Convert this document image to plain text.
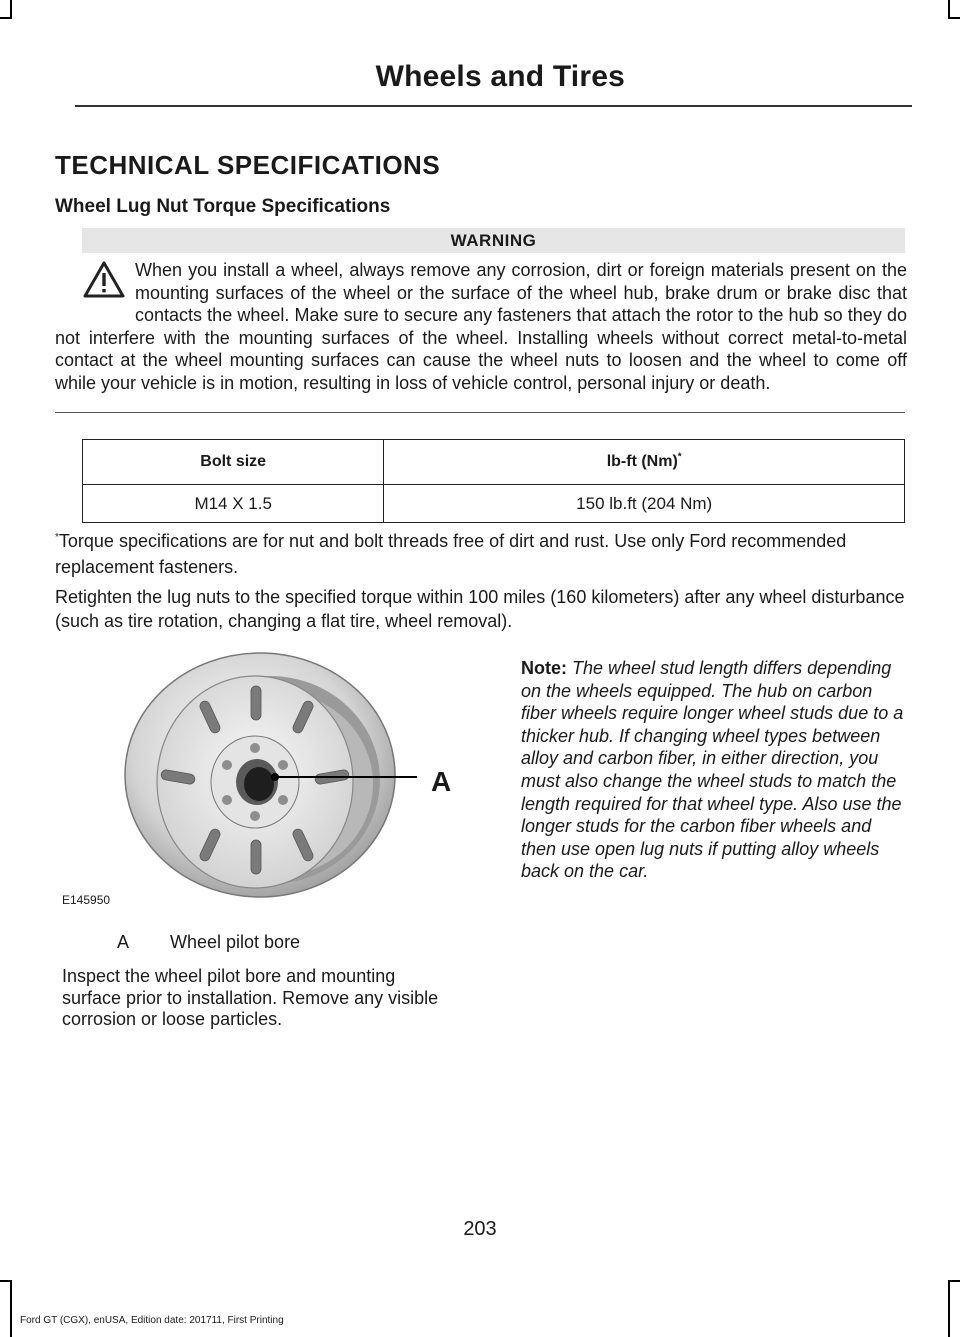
Wheels and Tires
TECHNICAL SPECIFICATIONS
Wheel Lug Nut Torque Specifications
WARNING
When you install a wheel, always remove any corrosion, dirt or foreign materials present on the mounting surfaces of the wheel or the surface of the wheel hub, brake drum or brake disc that contacts the wheel. Make sure to secure any fasteners that attach the rotor to the hub so they do not interfere with the mounting surfaces of the wheel. Installing wheels without correct metal-to-metal contact at the wheel mounting surfaces can cause the wheel nuts to loosen and the wheel to come off while your vehicle is in motion, resulting in loss of vehicle control, personal injury or death.
Bolt size	lb-ft (Nm)*
M14 X 1.5	150 lb.ft (204 Nm)
*Torque specifications are for nut and bolt threads free of dirt and rust. Use only Ford recommended replacement fasteners.
Retighten the lug nuts to the specified torque within 100 miles (160 kilometers) after any wheel disturbance (such as tire rotation, changing a flat tire, wheel removal).
A
E145950
A Wheel pilot bore
Inspect the wheel pilot bore and mounting surface prior to installation. Remove any visible corrosion or loose particles.
Note: The wheel stud length differs depending on the wheels equipped. The hub on carbon fiber wheels require longer wheel studs due to a thicker hub. If changing wheel types between alloy and carbon fiber, in either direction, you must also change the wheel studs to match the length required for that wheel type. Also use the longer studs for the carbon fiber wheels and then use open lug nuts if putting alloy wheels back on the car.
203
Ford GT (CGX), enUSA, Edition date: 201711, First Printing
